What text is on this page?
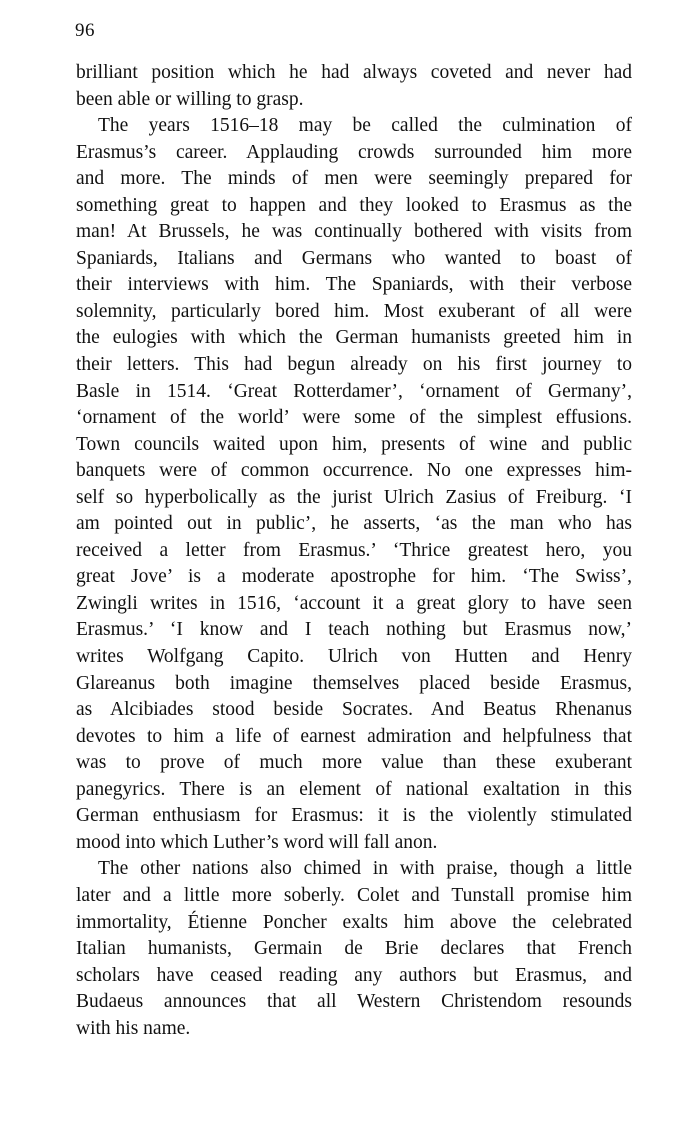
96
brilliant position which he had always coveted and never had
been able or willing to grasp.
The years 1516–18 may be called the culmination of
Erasmus’s career. Applauding crowds surrounded him more
and more. The minds of men were seemingly prepared for
something great to happen and they looked to Erasmus as the
man! At Brussels, he was continually bothered with visits from
Spaniards, Italians and Germans who wanted to boast of
their interviews with him. The Spaniards, with their verbose
solemnity, particularly bored him. Most exuberant of all were
the eulogies with which the German humanists greeted him in
their letters. This had begun already on his first journey to
Basle in 1514. ‘Great Rotterdamer’, ‘ornament of Germany’,
‘ornament of the world’ were some of the simplest effusions.
Town councils waited upon him, presents of wine and public
banquets were of common occurrence. No one expresses him-
self so hyperbolically as the jurist Ulrich Zasius of Freiburg. ‘I
am pointed out in public’, he asserts, ‘as the man who has
received a letter from Erasmus.’ ‘Thrice greatest hero, you
great Jove’ is a moderate apostrophe for him. ‘The Swiss’,
Zwingli writes in 1516, ‘account it a great glory to have seen
Erasmus.’ ‘I know and I teach nothing but Erasmus now,’
writes Wolfgang Capito. Ulrich von Hutten and Henry
Glareanus both imagine themselves placed beside Erasmus,
as Alcibiades stood beside Socrates. And Beatus Rhenanus
devotes to him a life of earnest admiration and helpfulness that
was to prove of much more value than these exuberant
panegyrics. There is an element of national exaltation in this
German enthusiasm for Erasmus: it is the violently stimulated
mood into which Luther’s word will fall anon.
The other nations also chimed in with praise, though a little
later and a little more soberly. Colet and Tunstall promise him
immortality, Étienne Poncher exalts him above the celebrated
Italian humanists, Germain de Brie declares that French
scholars have ceased reading any authors but Erasmus, and
Budaeus announces that all Western Christendom resounds
with his name.
